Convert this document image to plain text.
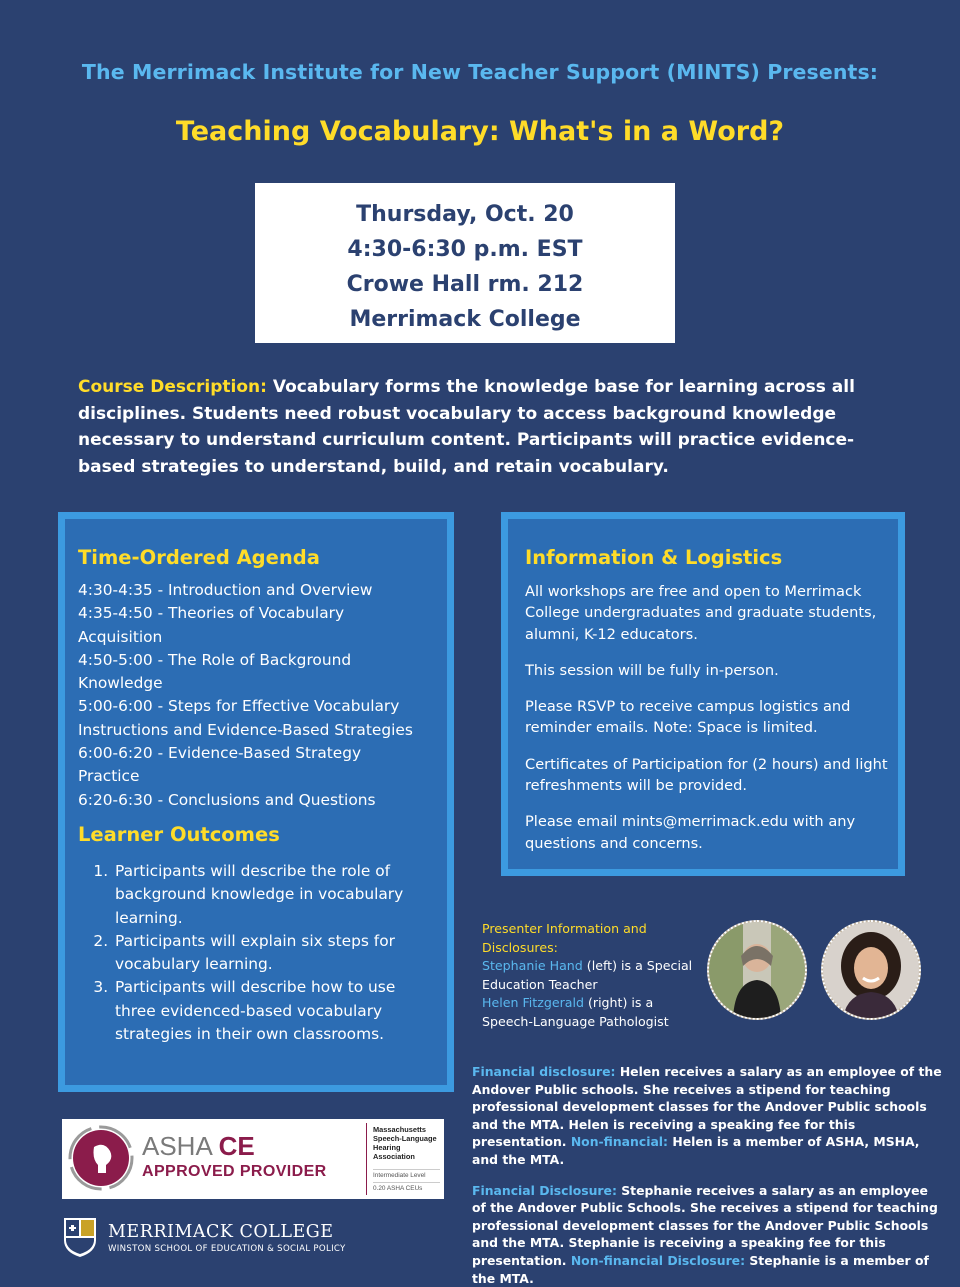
The Merrimack Institute for New Teacher Support (MINTS) Presents:
Teaching Vocabulary: What's in a Word?
Thursday, Oct. 20
4:30-6:30 p.m. EST
Crowe Hall rm. 212
Merrimack College
Course Description: Vocabulary forms the knowledge base for learning across all disciplines. Students need robust vocabulary to access background knowledge necessary to understand curriculum content. Participants will practice evidence-based strategies to understand, build, and retain vocabulary.
Time-Ordered Agenda
4:30-4:35 - Introduction and Overview
4:35-4:50 - Theories of Vocabulary Acquisition
4:50-5:00 - The Role of Background Knowledge
5:00-6:00 - Steps for Effective Vocabulary Instructions and Evidence-Based Strategies
6:00-6:20 - Evidence-Based Strategy Practice
6:20-6:30 - Conclusions and Questions
Learner Outcomes
1. Participants will describe the role of background knowledge in vocabulary learning.
2. Participants will explain six steps for vocabulary learning.
3. Participants will describe how to use three evidenced-based vocabulary strategies in their own classrooms.
Information & Logistics

All workshops are free and open to Merrimack College undergraduates and graduate students, alumni, K-12 educators.

This session will be fully in-person.

Please RSVP to receive campus logistics and reminder emails. Note: Space is limited.

Certificates of Participation for (2 hours) and light refreshments will be provided.

Please email mints@merrimack.edu with any questions and concerns.

Presenter Information and Disclosures:
Stephanie Hand (left) is a Special Education Teacher
Helen Fitzgerald (right) is a Speech-Language Pathologist

Financial disclosure: Helen receives a salary as an employee of the Andover Public schools. She receives a stipend for teaching professional development classes for the Andover Public schools and the MTA. Helen is receiving a speaking fee for this presentation. Non-financial: Helen is a member of ASHA, MSHA, and the MTA.

Financial Disclosure: Stephanie receives a salary as an employee of the Andover Public Schools. She receives a stipend for teaching professional development classes for the Andover Public Schools and the MTA. Stephanie is receiving a speaking fee for this presentation. Non-financial Disclosure: Stephanie is a member of the MTA.

ASHA CE
APPROVED PROVIDER
Massachusetts Speech-Language Hearing Association
Intermediate Level
0.20 ASHA CEUs
MERRIMACK COLLEGE
WINSTON SCHOOL OF EDUCATION & SOCIAL POLICY
